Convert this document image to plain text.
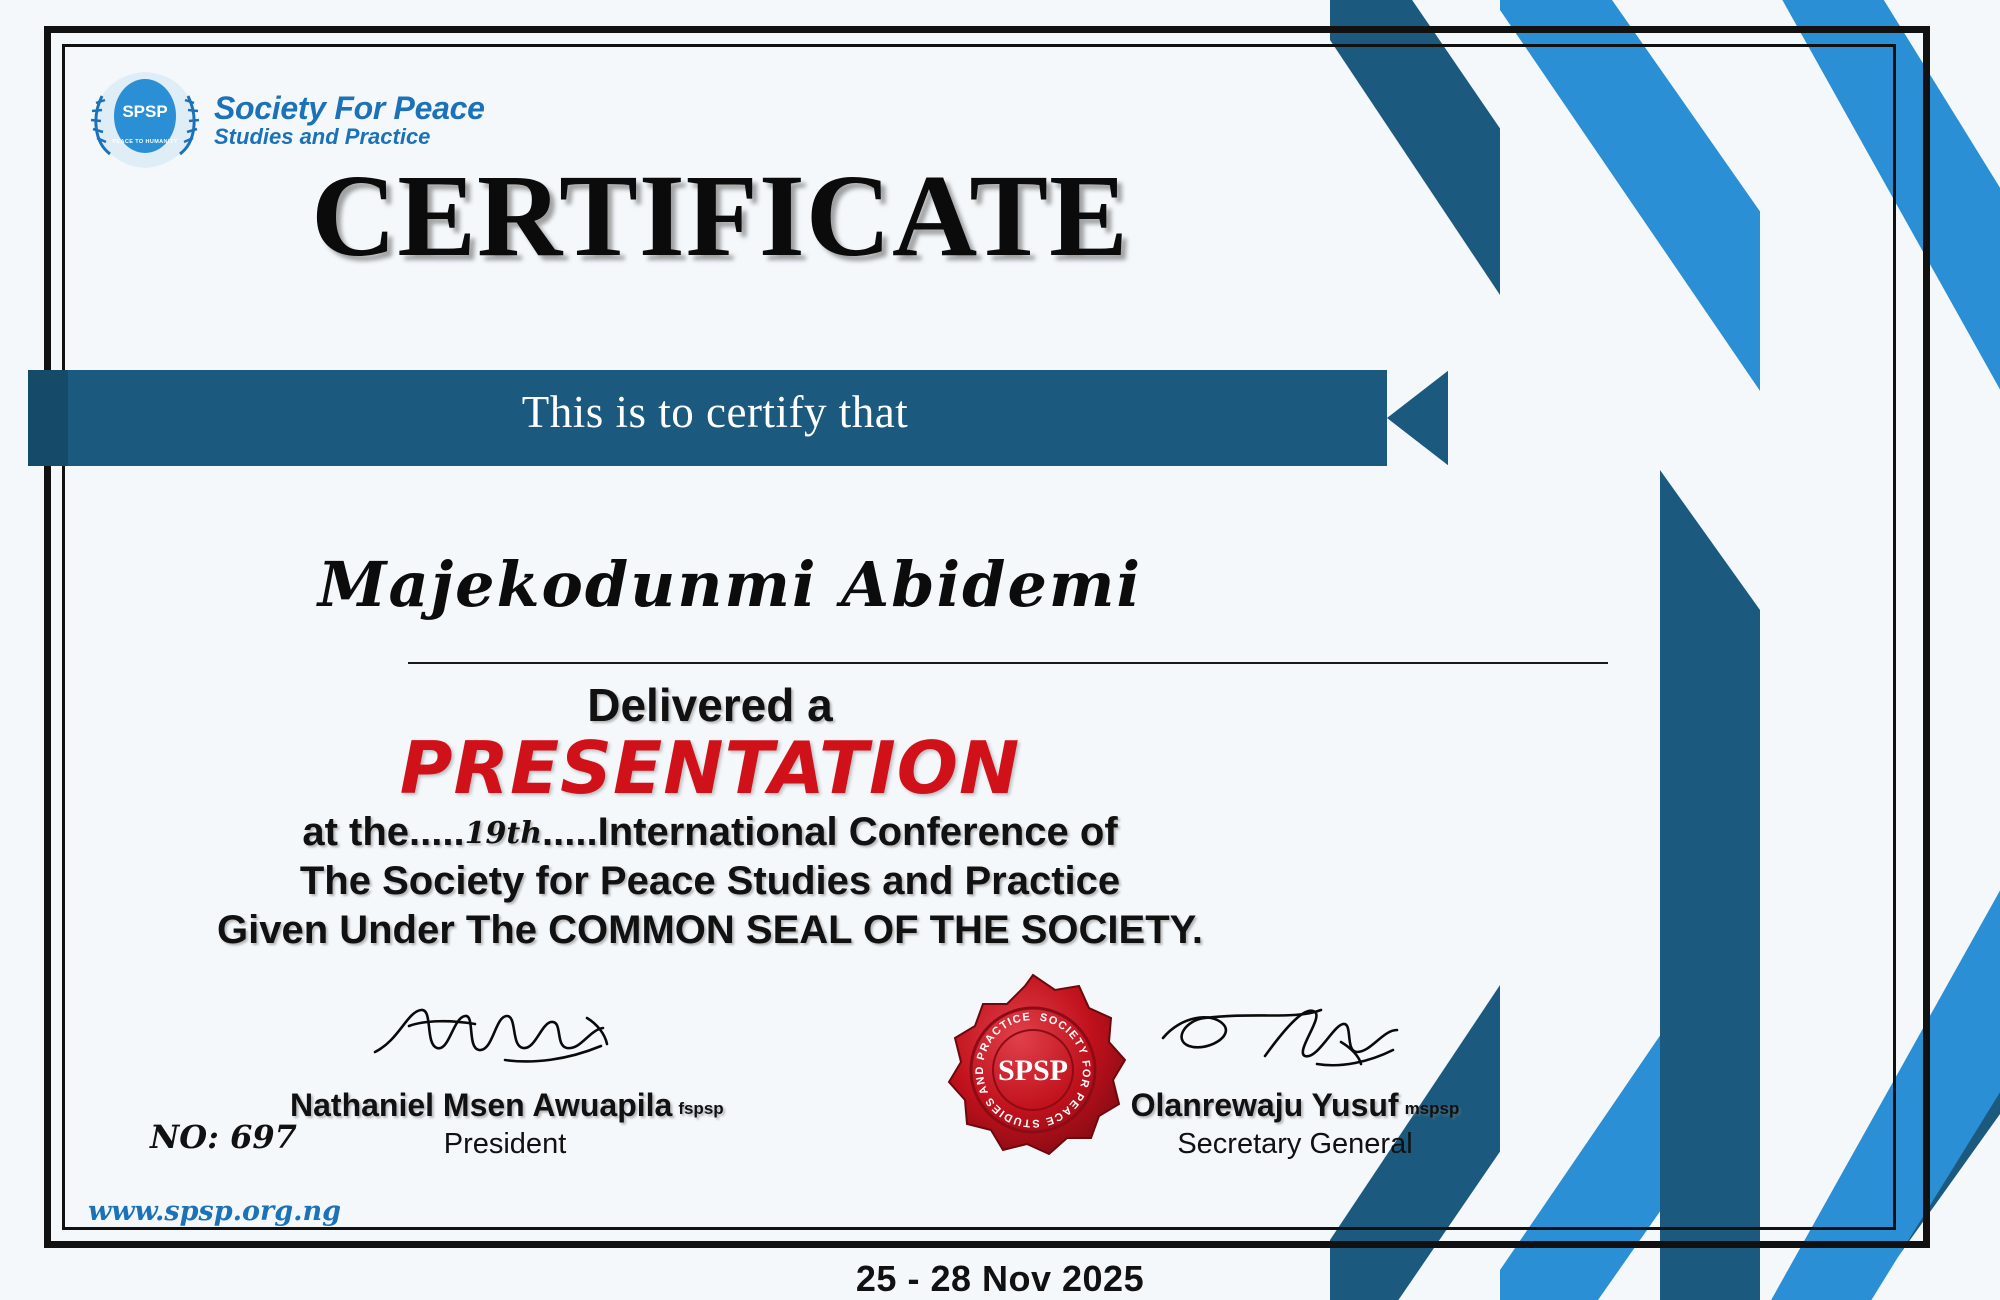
SPSP
PEACE TO HUMANITY
Society For Peace
Studies and Practice
CERTIFICATE
This is to certify that
Majekodunmi Abidemi
Delivered a
PRESENTATION
at the.....19th.....International Conference of
The Society for Peace Studies and Practice
Given Under The COMMON SEAL OF THE SOCIETY.
Nathaniel Msen Awuapila fspsp
President
Olanrewaju Yusuf mspsp
Secretary General
SOCIETY FOR PEACE STUDIES AND PRACTICE
SPSP
NO: 697
www.spsp.org.ng
25 - 28 Nov 2025
